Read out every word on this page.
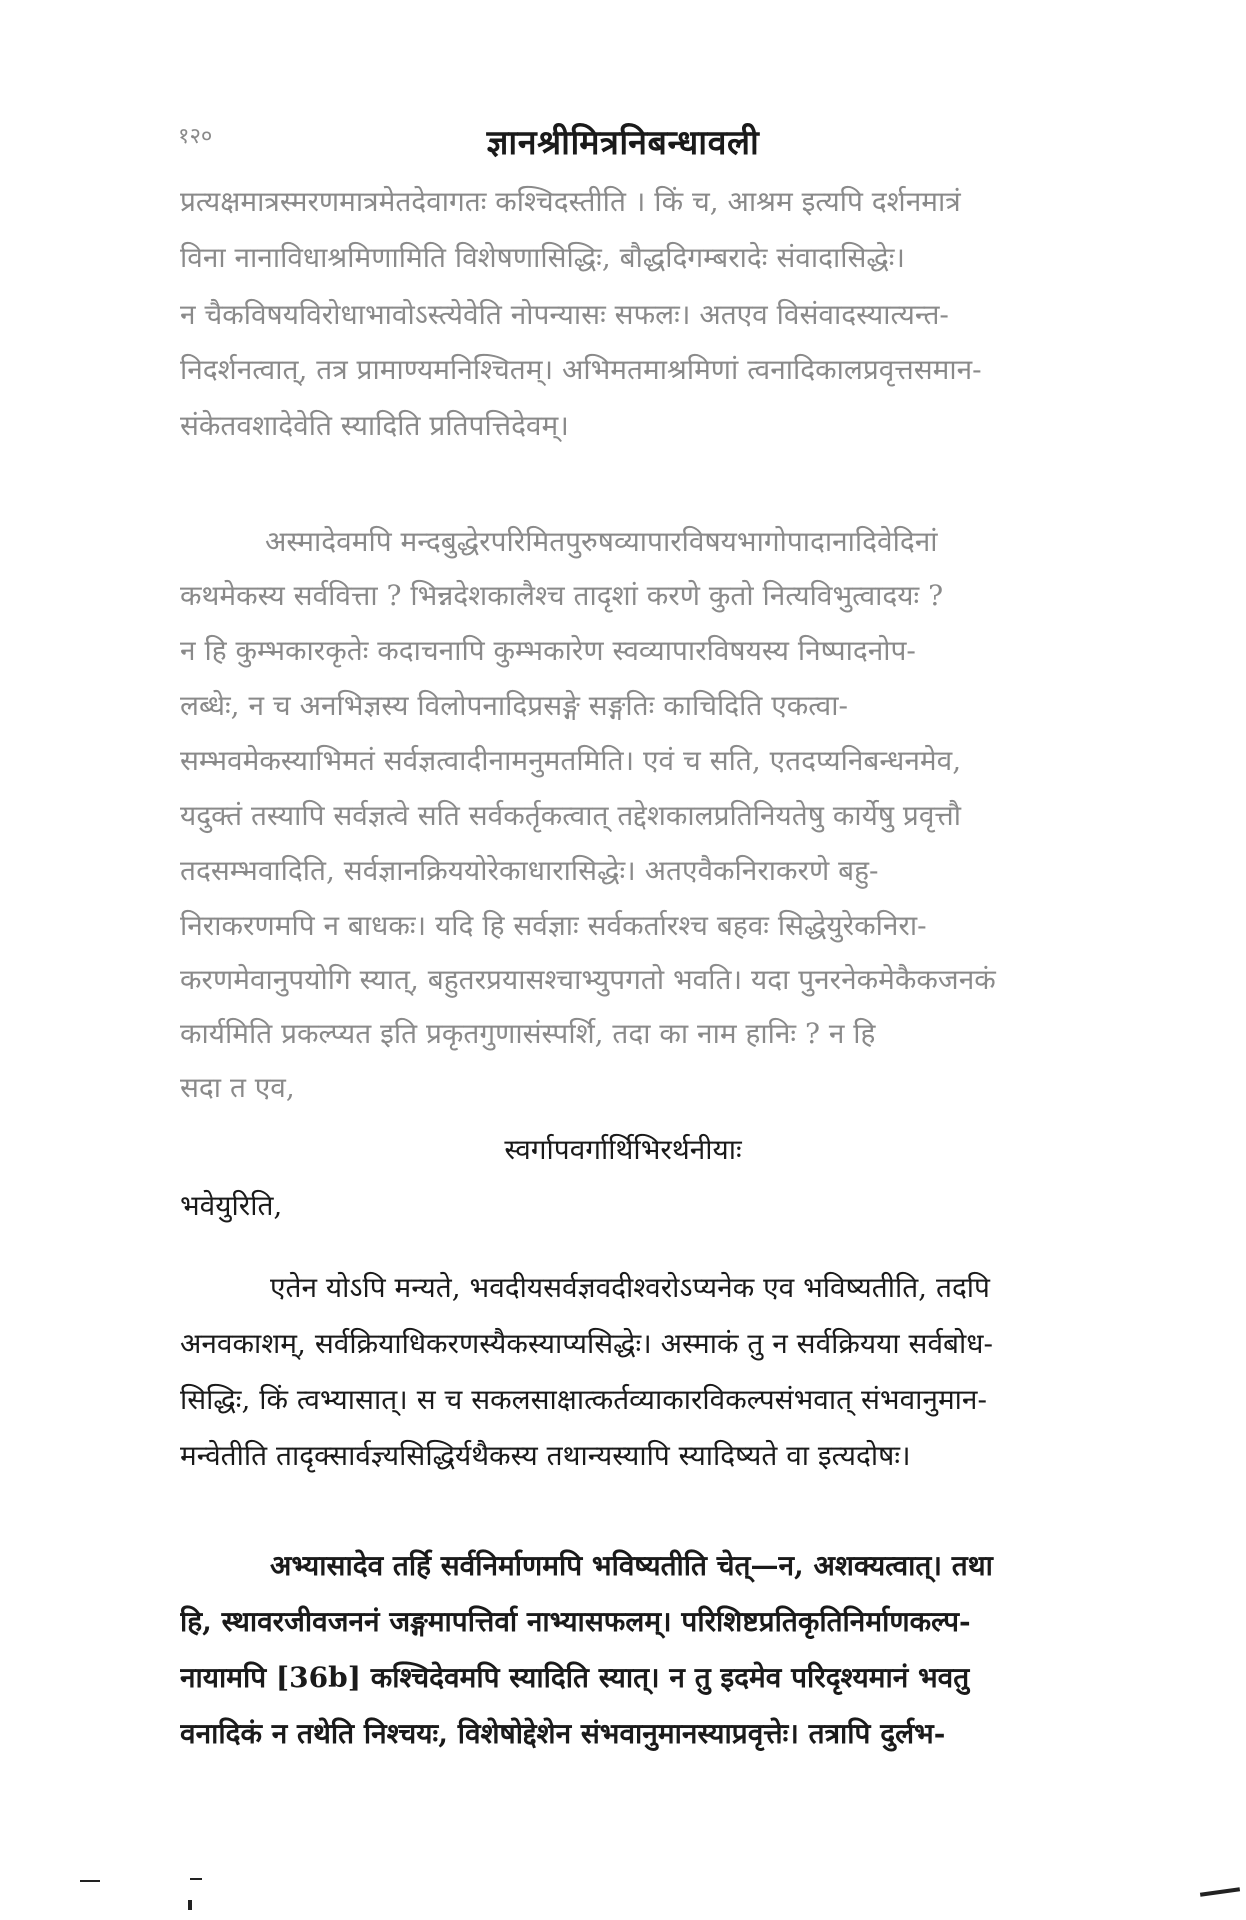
१२०	ज्ञानश्रीमित्रनिबन्धावली
प्रत्यक्षमात्रस्मरणमात्रमेतदेवागतः कश्चिदस्तीति । किं च, आश्रम इत्यपि दर्शनमात्रं
विना नानाविधाश्रमिणामिति विशेषणासिद्धिः, बौद्धदिगम्बरादेः संवादासिद्धेः।
न चैकविषयविरोधाभावोऽस्त्येवेति नोपन्यासः सफलः। अतएव विसंवादस्यात्यन्त-
निदर्शनत्वात्, तत्र प्रामाण्यमनिश्चितम्। अभिमतमाश्रमिणां त्वनादिकालप्रवृत्तसमान-
संकेतवशादेवेति स्यादिति प्रतिपत्तिदेवम्।
अस्मादेवमपि मन्दबुद्धेरपरिमितपुरुषव्यापारविषयभागोपादानादिवेदिनां
कथमेकस्य सर्ववित्ता ? भिन्नदेशकालैश्च तादृशां करणे कुतो नित्यविभुत्वादयः ?
न हि कुम्भकारकृतेः कदाचनापि कुम्भकारेण स्वव्यापारविषयस्य निष्पादनोप-
लब्धेः, न च अनभिज्ञस्य विलोपनादिप्रसङ्गे सङ्गतिः काचिदिति एकत्वा-
सम्भवमेकस्याभिमतं सर्वज्ञत्वादीनामनुमतमिति। एवं च सति, एतदप्यनिबन्धनमेव,
यदुक्तं तस्यापि सर्वज्ञत्वे सति सर्वकर्तृकत्वात् तद्देशकालप्रतिनियतेषु कार्येषु प्रवृत्तौ
तदसम्भवादिति, सर्वज्ञानक्रिययोरेकाधारासिद्धेः। अतएवैकनिराकरणे बहु-
निराकरणमपि न बाधकः। यदि हि सर्वज्ञाः सर्वकर्तारश्च बहवः सिद्धेयुरेकनिरा-
करणमेवानुपयोगि स्यात्, बहुतरप्रयासश्चाभ्युपगतो भवति। यदा पुनरनेकमेकैकजनकं
कार्यमिति प्रकल्प्यत इति प्रकृतगुणासंस्पर्शि, तदा का नाम हानिः ? न हि
सदा त एव,
स्वर्गापवर्गार्थिभिरर्थनीयाः
भवेयुरिति,
एतेन योऽपि मन्यते, भवदीयसर्वज्ञवदीश्वरोऽप्यनेक एव भविष्यतीति, तदपि
अनवकाशम्, सर्वक्रियाधिकरणस्यैकस्याप्यसिद्धेः। अस्माकं तु न सर्वक्रियया सर्वबोध-
सिद्धिः, किं त्वभ्यासात्। स च सकलसाक्षात्कर्तव्याकारविकल्पसंभवात् संभवानुमान-
मन्वेतीति तादृक्सार्वज्ञ्यसिद्धिर्यथैकस्य तथान्यस्यापि स्यादिष्यते वा इत्यदोषः।
अभ्यासादेव तर्हि सर्वनिर्माणमपि भविष्यतीति चेत्—न, अशक्यत्वात्। तथा
हि, स्थावरजीवजननं जङ्गमापत्तिर्वा नाभ्यासफलम्। परिशिष्टप्रतिकृतिनिर्माणकल्प-
नायामपि [36b] कश्चिदेवमपि स्यादिति स्यात्। न तु इदमेव परिदृश्यमानं भवतु
वनादिकं न तथेति निश्चयः, विशेषोद्देशेन संभवानुमानस्याप्रवृत्तेः। तत्रापि दुर्लभ-
